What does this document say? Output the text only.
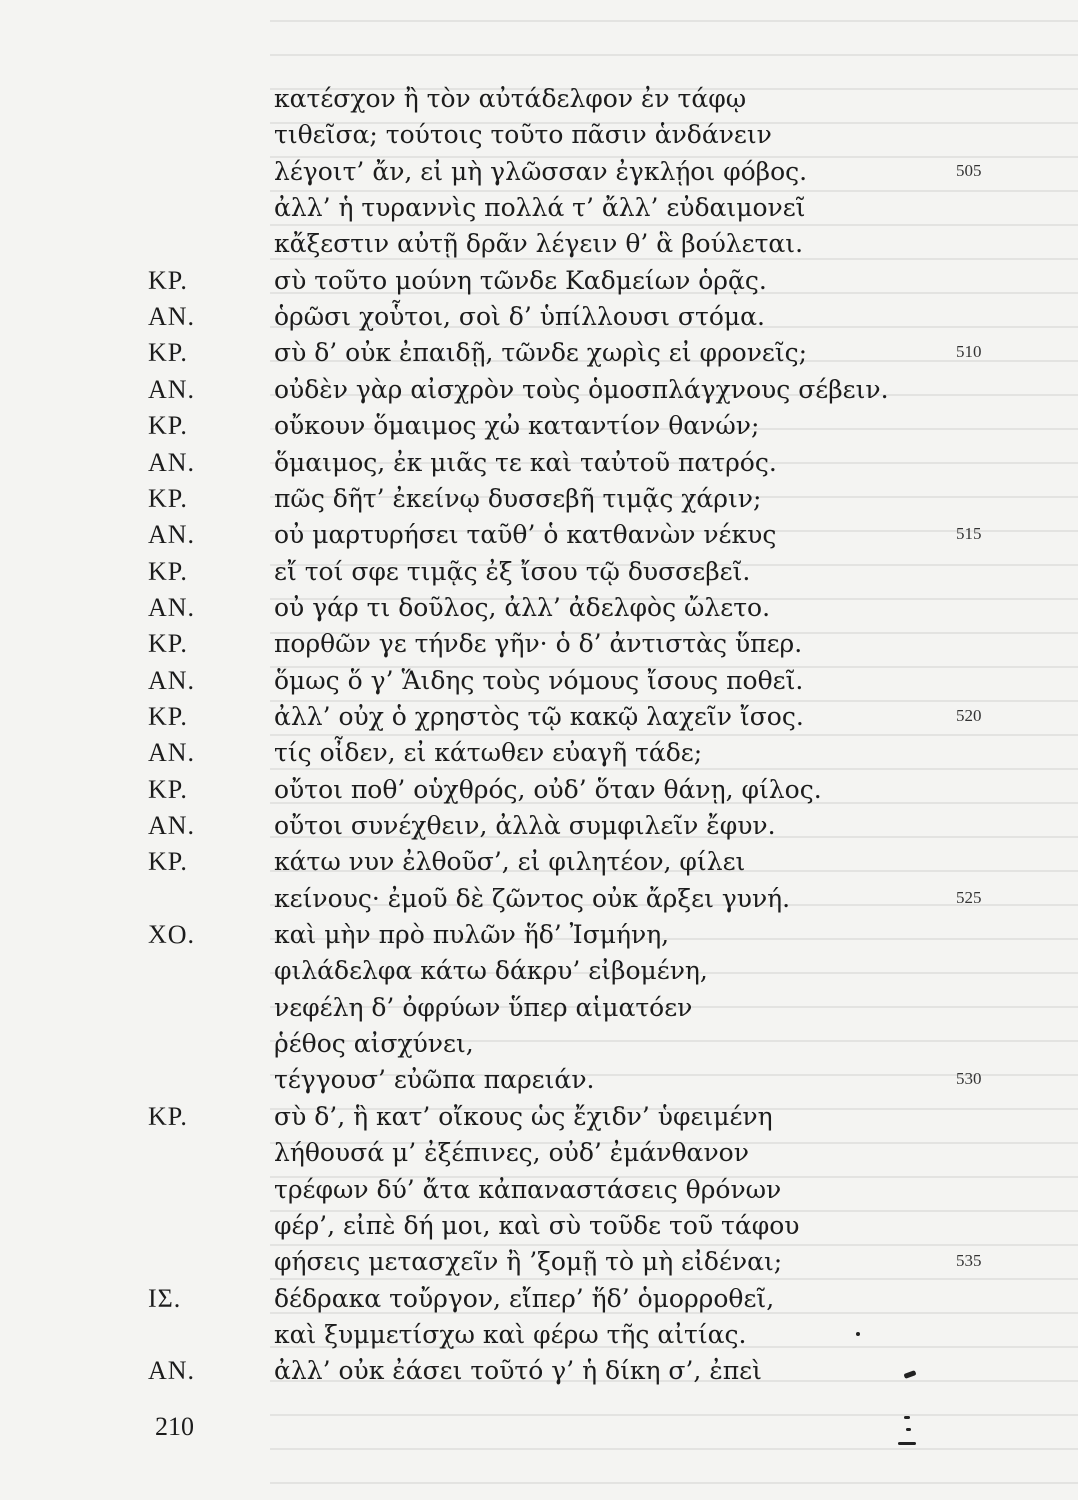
κατέσχον ἢ τὸν αὐτάδελφον ἐν τάφῳ
τιθεῖσα; τούτοις τοῦτο πᾶσιν ἁνδάνειν
λέγοιτ’ ἄν, εἰ μὴ γλῶσσαν ἐγκλῄοι φόβος.	505
ἀλλ’ ἡ τυραννὶς πολλά τ’ ἄλλ’ εὐδαιμονεῖ
κἄξεστιν αὐτῇ δρᾶν λέγειν θ’ ἃ βούλεται.
ΚΡ.	σὺ τοῦτο μούνη τῶνδε Καδμείων ὁρᾷς.
ΑΝ.	ὁρῶσι χοὗτοι, σοὶ δ’ ὑπίλλουσι στόμα.
ΚΡ.	σὺ δ’ οὐκ ἐπαιδῇ, τῶνδε χωρὶς εἰ φρονεῖς;	510
ΑΝ.	οὐδὲν γὰρ αἰσχρὸν τοὺς ὁμοσπλάγχνους σέβειν.
ΚΡ.	οὔκουν ὅμαιμος χὠ καταντίον θανών;
ΑΝ.	ὅμαιμος, ἐκ μιᾶς τε καὶ ταὐτοῦ πατρός.
ΚΡ.	πῶς δῆτ’ ἐκείνῳ δυσσεβῆ τιμᾷς χάριν;
ΑΝ.	οὐ μαρτυρήσει ταῦθ’ ὁ κατθανὼν νέκυς	515
ΚΡ.	εἴ τοί σφε τιμᾷς ἐξ ἴσου τῷ δυσσεβεῖ.
ΑΝ.	οὐ γάρ τι δοῦλος, ἀλλ’ ἀδελφὸς ὤλετο.
ΚΡ.	πορθῶν γε τήνδε γῆν· ὁ δ’ ἀντιστὰς ὕπερ.
ΑΝ.	ὅμως ὅ γ’ Ἅιδης τοὺς νόμους ἴσους ποθεῖ.
ΚΡ.	ἀλλ’ οὐχ ὁ χρηστὸς τῷ κακῷ λαχεῖν ἴσος.	520
ΑΝ.	τίς οἶδεν, εἰ κάτωθεν εὐαγῆ τάδε;
ΚΡ.	οὔτοι ποθ’ οὑχθρός, οὐδ’ ὅταν θάνῃ, φίλος.
ΑΝ.	οὔτοι συνέχθειν, ἀλλὰ συμφιλεῖν ἔφυν.
ΚΡ.	κάτω νυν ἐλθοῦσ’, εἰ φιλητέον, φίλει
κείνους· ἐμοῦ δὲ ζῶντος οὐκ ἄρξει γυνή.	525
ΧΟ.	καὶ μὴν πρὸ πυλῶν ἥδ’ Ἰσμήνη,
φιλάδελφα κάτω δάκρυ’ εἰβομένη,
νεφέλη δ’ ὀφρύων ὕπερ αἱματόεν
ῥέθος αἰσχύνει,
τέγγουσ’ εὐῶπα παρειάν.	530
ΚΡ.	σὺ δ’, ἣ κατ’ οἴκους ὡς ἔχιδν’ ὑφειμένη
λήθουσά μ’ ἐξέπινες, οὐδ’ ἐμάνθανον
τρέφων δύ’ ἄτα κἀπαναστάσεις θρόνων
φέρ’, εἰπὲ δή μοι, καὶ σὺ τοῦδε τοῦ τάφου
φήσεις μετασχεῖν ἢ ’ξομῇ τὸ μὴ εἰδέναι;	535
ΙΣ.	δέδρακα τοὔργον, εἴπερ’ ἥδ’ ὁμορροθεῖ,
καὶ ξυμμετίσχω καὶ φέρω τῆς αἰτίας.
ΑΝ.	ἀλλ’ οὐκ ἐάσει τοῦτό γ’ ἡ δίκη σ’, ἐπεὶ
210
